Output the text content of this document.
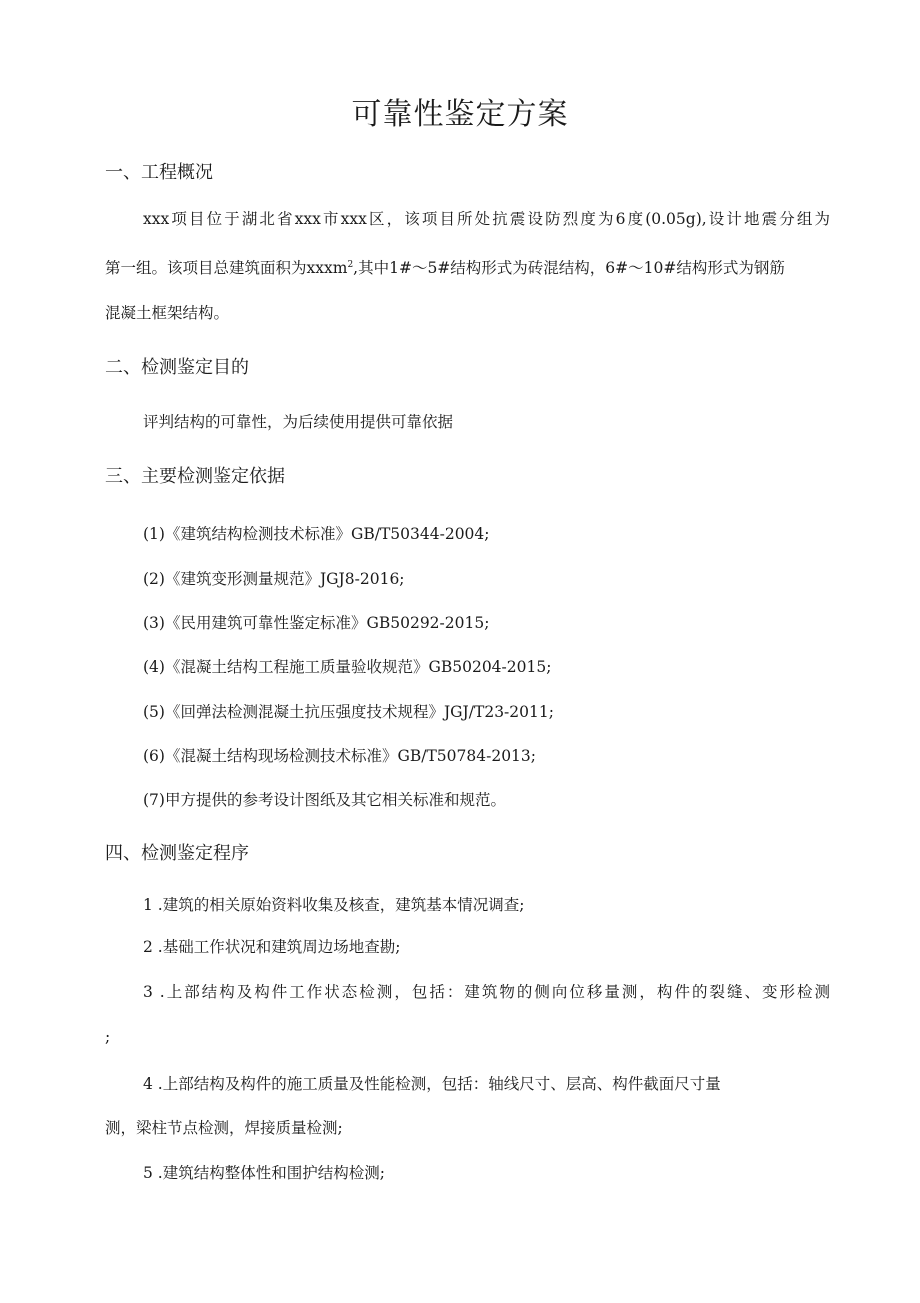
可靠性鉴定方案
一、工程概况
xxx项目位于湖北省xxx市xxx区，该项目所处抗震设防烈度为6度(0.05g),设计地震分组为
第一组。该项目总建筑面积为xxxm$^2$,其中1#～5#结构形式为砖混结构，6#～10#结构形式为钢筋
混凝土框架结构。
二、检测鉴定目的
评判结构的可靠性，为后续使用提供可靠依据
三、主要检测鉴定依据
(1)《建筑结构检测技术标准》GB/T50344-2004;
(2)《建筑变形测量规范》JGJ8-2016;
(3)《民用建筑可靠性鉴定标准》GB50292-2015;
(4)《混凝土结构工程施工质量验收规范》GB50204-2015;
(5)《回弹法检测混凝土抗压强度技术规程》JGJ/T23-2011;
(6)《混凝土结构现场检测技术标准》GB/T50784-2013;
(7)甲方提供的参考设计图纸及其它相关标准和规范。
四、检测鉴定程序
1 .建筑的相关原始资料收集及核查，建筑基本情况调查;
2 .基础工作状况和建筑周边场地查勘;
3 .上部结构及构件工作状态检测，包括：建筑物的侧向位移量测，构件的裂缝、变形检测
;
4 .上部结构及构件的施工质量及性能检测，包括：轴线尺寸、层高、构件截面尺寸量
测，梁柱节点检测，焊接质量检测;
5 .建筑结构整体性和围护结构检测;
